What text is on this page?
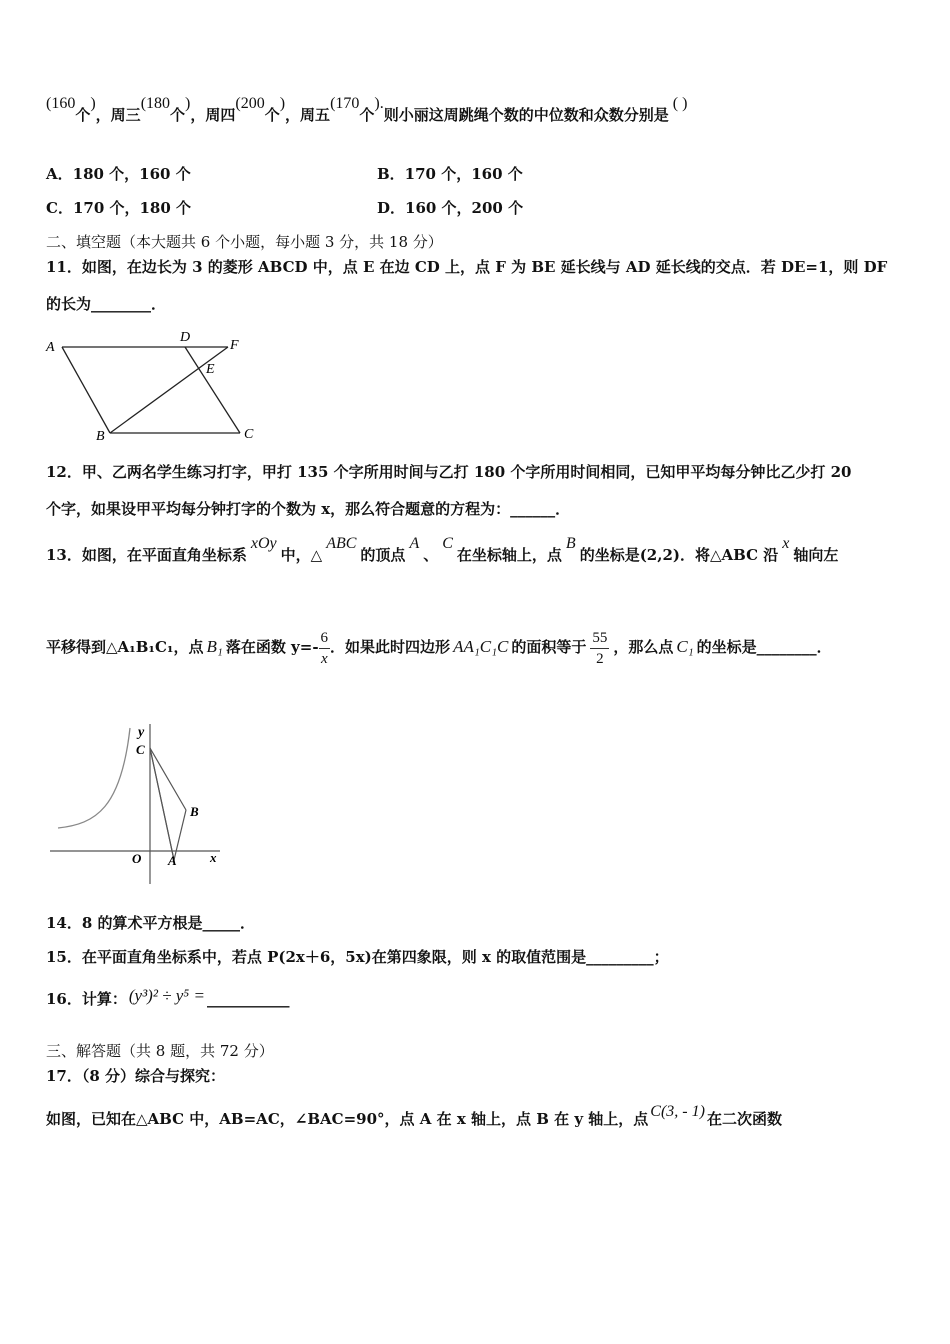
(160个)，周三(180个)，周四(200个)，周五(170个).则小丽这周跳绳个数的中位数和众数分别是( )
A．180 个，160 个	B．170 个，160 个
C．170 个，180 个	D．160 个，200 个
二、填空题（本大题共 6 个小题，每小题 3 分，共 18 分）
11．如图，在边长为 3 的菱形 ABCD 中，点 E 在边 CD 上，点 F 为 BE 延长线与 AD 延长线的交点．若 DE=1，则 DF
的长为________．
A
D
F
E
B	C
12．甲、乙两名学生练习打字，甲打 135 个字所用时间与乙打 180 个字所用时间相同，已知甲平均每分钟比乙少打 20
个字，如果设甲平均每分钟打字的个数为 x，那么符合题意的方程为：______．
13．如图，在平面直角坐标系xOy中，△ABC的顶点A、C在坐标轴上，点B的坐标是(2,2)．将△ABC 沿x轴向左
平移得到△A₁B₁C₁，点 B₁ 落在函数 $y=- \frac{6}{x}$ ．如果此时四边形 AA₁C₁C 的面积等于 $\frac{55}{2}$ ，那么点 C₁ 的坐标是________．
y
C
B
O A	x
14．8 的算术平方根是_____．
15．在平面直角坐标系中，若点 P(2x＋6，5x)在第四象限，则 x 的取值范围是_________；
16．计算： (y³)² ÷ y⁵ = ___________
三、解答题（共 8 题，共 72 分）
17．（8 分）综合与探究：
如图，已知在△ABC 中，AB=AC，∠BAC=90°，点 A 在 x 轴上，点 B 在 y 轴上，点 C(3, - 1) 在二次函数
